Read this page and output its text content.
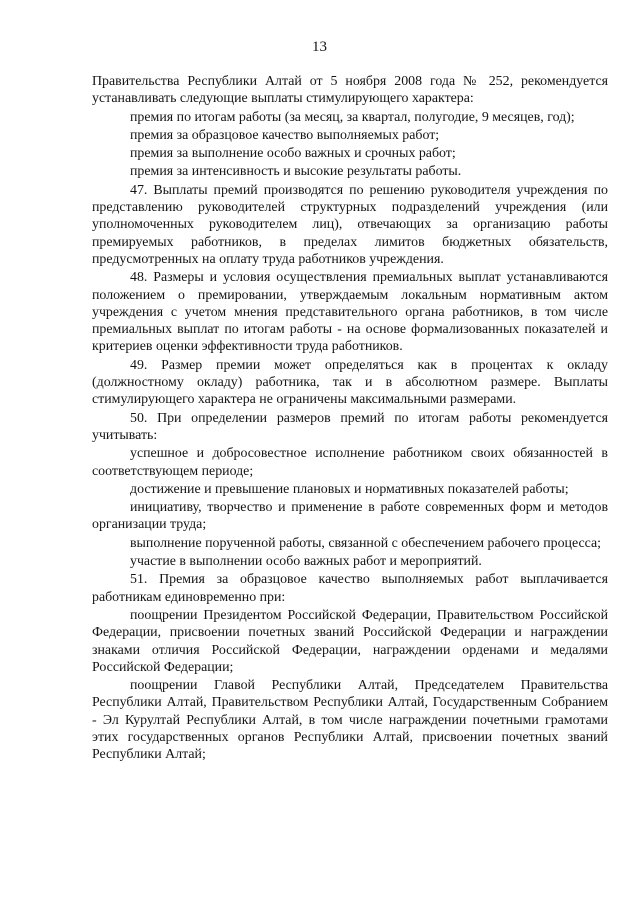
13

Правительства Республики Алтай от 5 ноября 2008 года № 252, рекомендуется устанавливать следующие выплаты стимулирующего характера:

премия по итогам работы (за месяц, за квартал, полугодие, 9 месяцев, год);

премия за образцовое качество выполняемых работ;

премия за выполнение особо важных и срочных работ;

премия за интенсивность и высокие результаты работы.

47. Выплаты премий производятся по решению руководителя учреждения по представлению руководителей структурных подразделений учреждения (или уполномоченных руководителем лиц), отвечающих за организацию работы премируемых работников, в пределах лимитов бюджетных обязательств, предусмотренных на оплату труда работников учреждения.

48. Размеры и условия осуществления премиальных выплат устанавливаются положением о премировании, утверждаемым локальным нормативным актом учреждения с учетом мнения представительного органа работников, в том числе премиальных выплат по итогам работы - на основе формализованных показателей и критериев оценки эффективности труда работников.

49. Размер премии может определяться как в процентах к окладу (должностному окладу) работника, так и в абсолютном размере. Выплаты стимулирующего характера не ограничены максимальными размерами.

50. При определении размеров премий по итогам работы рекомендуется учитывать:

успешное и добросовестное исполнение работником своих обязанностей в соответствующем периоде;

достижение и превышение плановых и нормативных показателей работы;

инициативу, творчество и применение в работе современных форм и методов организации труда;

выполнение порученной работы, связанной с обеспечением рабочего процесса;

участие в выполнении особо важных работ и мероприятий.

51. Премия за образцовое качество выполняемых работ выплачивается работникам единовременно при:

поощрении Президентом Российской Федерации, Правительством Российской Федерации, присвоении почетных званий Российской Федерации и награждении знаками отличия Российской Федерации, награждении орденами и медалями Российской Федерации;

поощрении Главой Республики Алтай, Председателем Правительства Республики Алтай, Правительством Республики Алтай, Государственным Собранием - Эл Курултай Республики Алтай, в том числе награждении почетными грамотами этих государственных органов Республики Алтай, присвоении почетных званий Республики Алтай;
